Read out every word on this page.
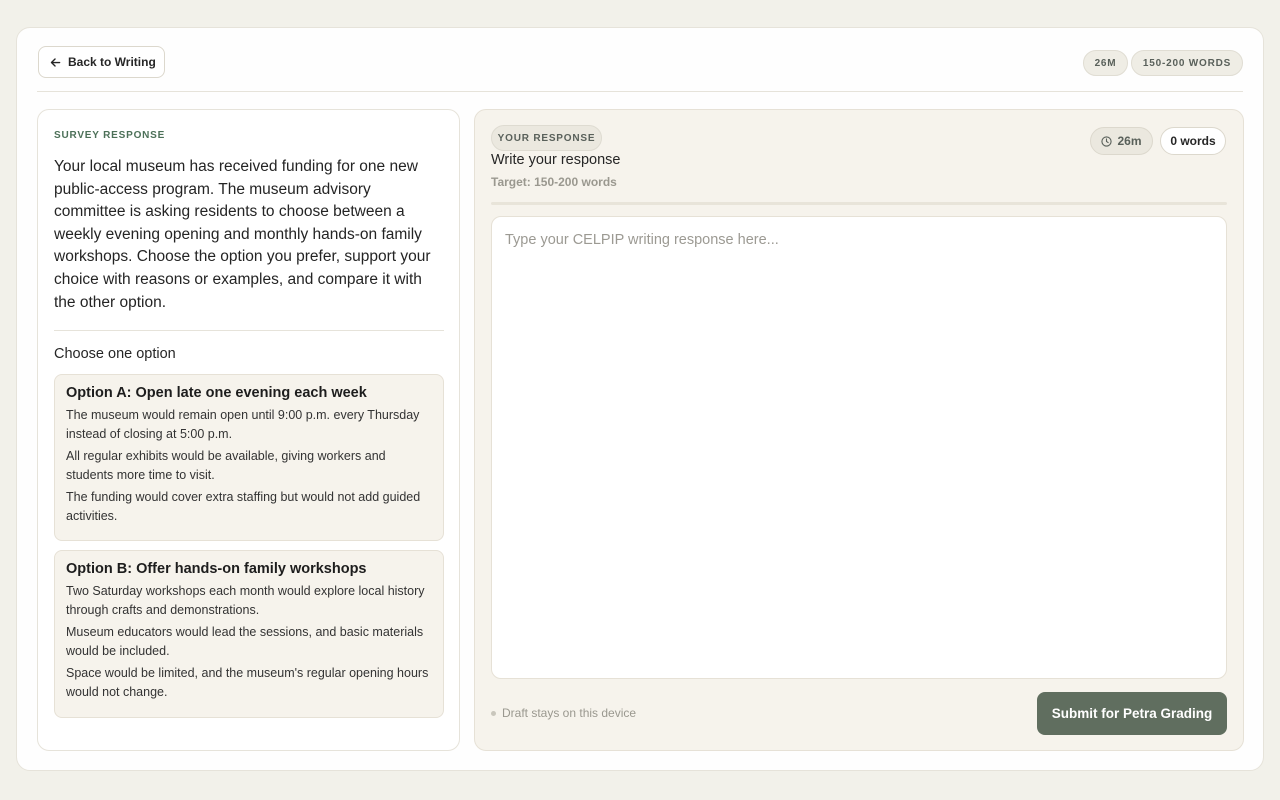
Back to Writing	26M	150-200 WORDS
SURVEY RESPONSE

Your local museum has received funding for one new public-access program. The museum advisory committee is asking residents to choose between a weekly evening opening and monthly hands-on family workshops. Choose the option you prefer, support your choice with reasons or examples, and compare it with the other option.

Choose one option
Option A: Open late one evening each week
The museum would remain open until 9:00 p.m. every Thursday instead of closing at 5:00 p.m.
All regular exhibits would be available, giving workers and students more time to visit.
The funding would cover extra staffing but would not add guided activities.
Option B: Offer hands-on family workshops
Two Saturday workshops each month would explore local history through crafts and demonstrations.
Museum educators would lead the sessions, and basic materials would be included.
Space would be limited, and the museum's regular opening hours would not change.
YOUR RESPONSE
Write your response
Target: 150-200 words
26m	0 words
Type your CELPIP writing response here...
Draft stays on this device	Submit for Petra Grading
